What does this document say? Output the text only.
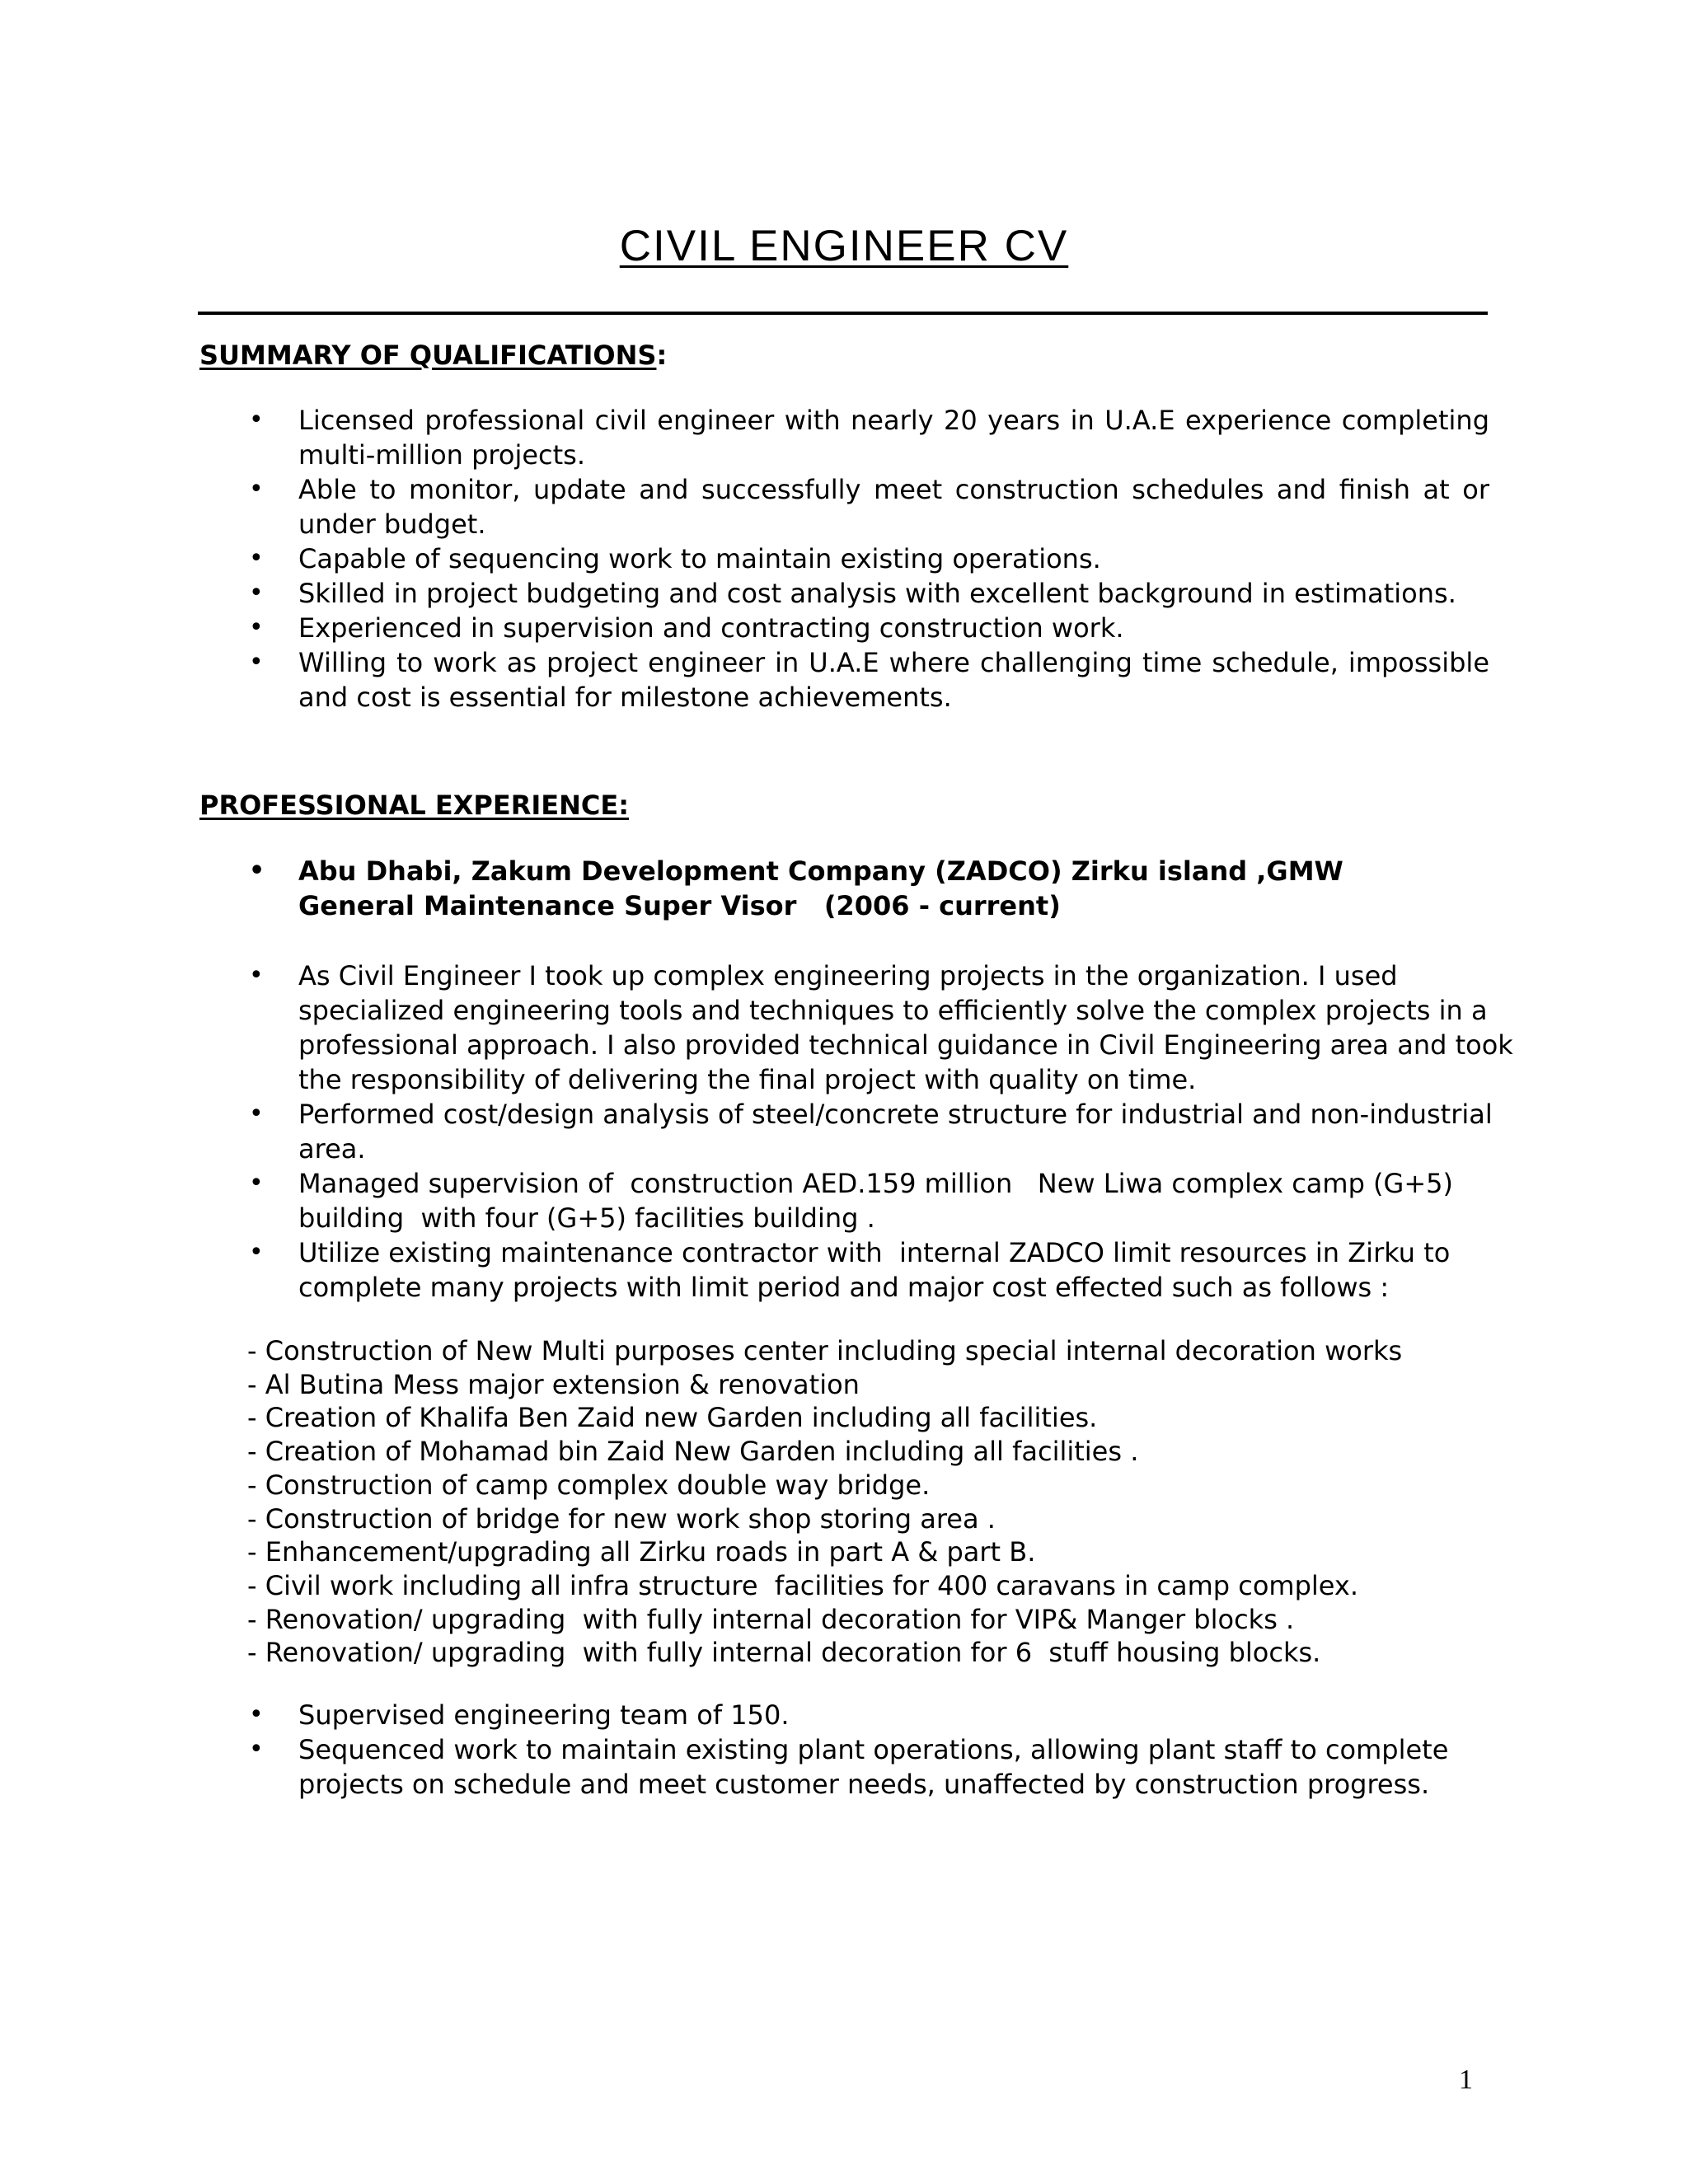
CIVIL ENGINEER CV

SUMMARY OF QUALIFICATIONS:

• Licensed professional civil engineer with nearly 20 years in U.A.E experience completing multi-million projects.
• Able to monitor, update and successfully meet construction schedules and finish at or under budget.
• Capable of sequencing work to maintain existing operations.
• Skilled in project budgeting and cost analysis with excellent background in estimations.
• Experienced in supervision and contracting construction work.
• Willing to work as project engineer in U.A.E where challenging time schedule, impossible and cost is essential for milestone achievements.

PROFESSIONAL EXPERIENCE:

• Abu Dhabi, Zakum Development Company (ZADCO) Zirku island ,GMW
General Maintenance Super Visor   (2006 - current)
• As Civil Engineer I took up complex engineering projects in the organization. I used specialized engineering tools and techniques to efficiently solve the complex projects in a professional approach. I also provided technical guidance in Civil Engineering area and took the responsibility of delivering the final project with quality on time.
• Performed cost/design analysis of steel/concrete structure for industrial and non-industrial area.
• Managed supervision of  construction AED.159 million   New Liwa complex camp (G+5) building  with four (G+5) facilities building .
• Utilize existing maintenance contractor with  internal ZADCO limit resources in Zirku to complete many projects with limit period and major cost effected such as follows :
- Construction of New Multi purposes center including special internal decoration works
- Al Butina Mess major extension & renovation
- Creation of Khalifa Ben Zaid new Garden including all facilities.
- Creation of Mohamad bin Zaid New Garden including all facilities .
- Construction of camp complex double way bridge.
- Construction of bridge for new work shop storing area .
- Enhancement/upgrading all Zirku roads in part A & part B.
- Civil work including all infra structure  facilities for 400 caravans in camp complex.
- Renovation/ upgrading  with fully internal decoration for VIP& Manger blocks .
- Renovation/ upgrading  with fully internal decoration for 6  stuff housing blocks.
• Supervised engineering team of 150.
• Sequenced work to maintain existing plant operations, allowing plant staff to complete projects on schedule and meet customer needs, unaffected by construction progress.
1
